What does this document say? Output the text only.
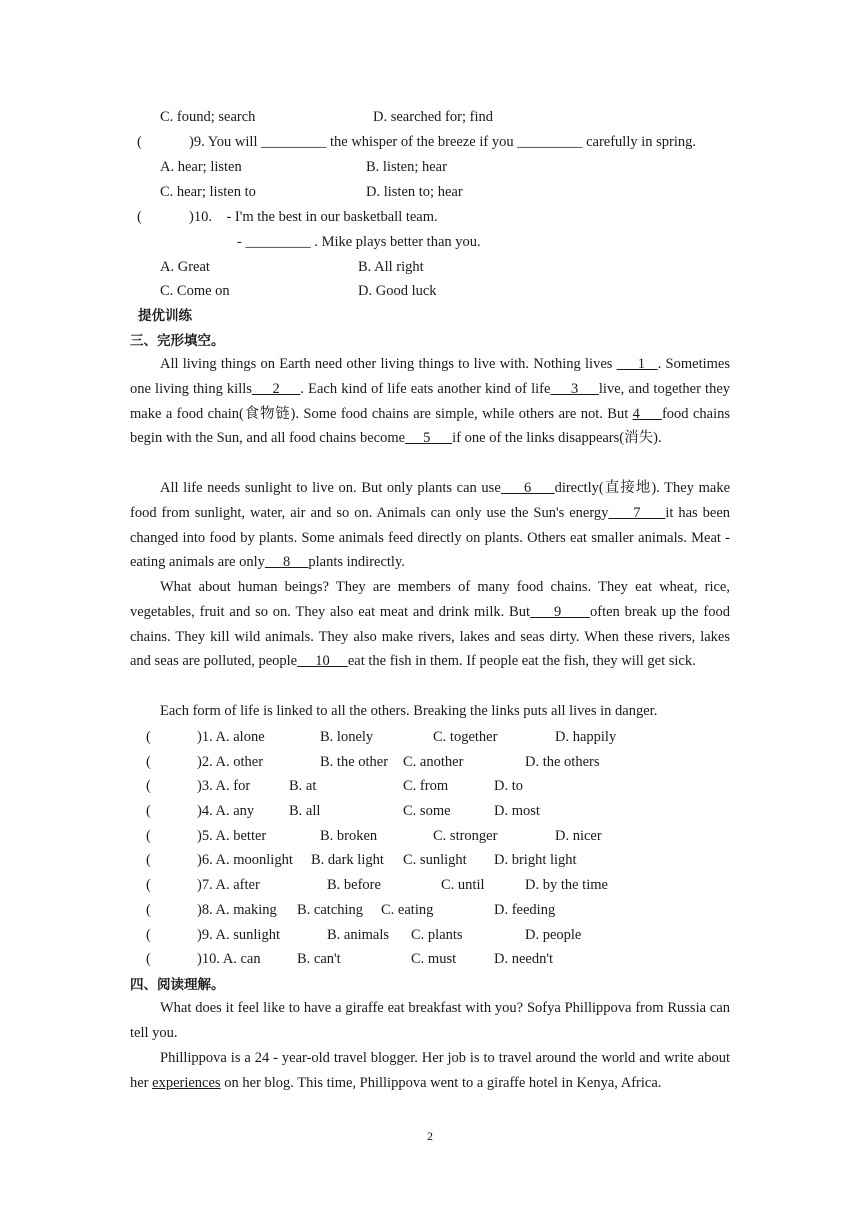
C. found; search	D. searched for; find
(	)9. You will _________ the whisper of the breeze if you _________ carefully in spring.
A. hear; listen	B. listen; hear
C. hear; listen to	D. listen to; hear
(	)10.    - I'm the best in our basketball team.
- _________ . Mike plays better than you.
A. Great	B. All right
C. Come on	D. Good luck
提优训练
三、完形填空。
All living things on Earth need other living things to live with. Nothing lives      1   . Sometimes one living thing kills     2     . Each kind of life eats another kind of life     3     live, and together they make a food chain(食物链). Some food chains are simple, while others are not. But 4     food chains begin with the Sun, and all food chains become     5      if one of the links disappears(消失).
All life needs sunlight to live on. But only plants can use     6     directly(直接地). They make food from sunlight, water, air and so on. Animals can only use the Sun's energy     7     it has been changed into food by plants. Some animals feed directly on plants. Others eat smaller animals. Meat - eating animals are only     8     plants indirectly.
What about human beings? They are members of many food chains. They eat wheat, rice, vegetables, fruit and so on. They also eat meat and drink milk. But     9      often break up the food chains. They kill wild animals. They also make rivers, lakes and seas dirty. When these rivers, lakes and seas are polluted, people     10     eat the fish in them. If people eat the fish, they will get sick.
Each form of life is linked to all the others. Breaking the links puts all lives in danger.
(	)1. A. alone	B. lonely	C. together	D. happily
(	)2. A. other	B. the other C. another	D. the others
(	)3. A. for	B. at	C. from	D. to
(	)4. A. any B. all	C. some	D. most
(	)5. A. better	B. broken	C. stronger	D. nicer
(	)6. A. moonlight B. dark light C. sunlight D. bright light
(	)7. A. after	B. before	C. until	D. by the time
(	)8. A. making B. catching C. eating	D. feeding
(	)9. A. sunlight	B. animals C. plants	D. people
(	)10. A. can	B. can't	C. must	D. needn't
四、阅读理解。
What does it feel like to have a giraffe eat breakfast with you? Sofya Phillippova from Russia can tell you.
Phillippova is a 24 - year-old travel blogger. Her job is to travel around the world and write about her experiences on her blog. This time, Phillippova went to a giraffe hotel in Kenya, Africa.
2
